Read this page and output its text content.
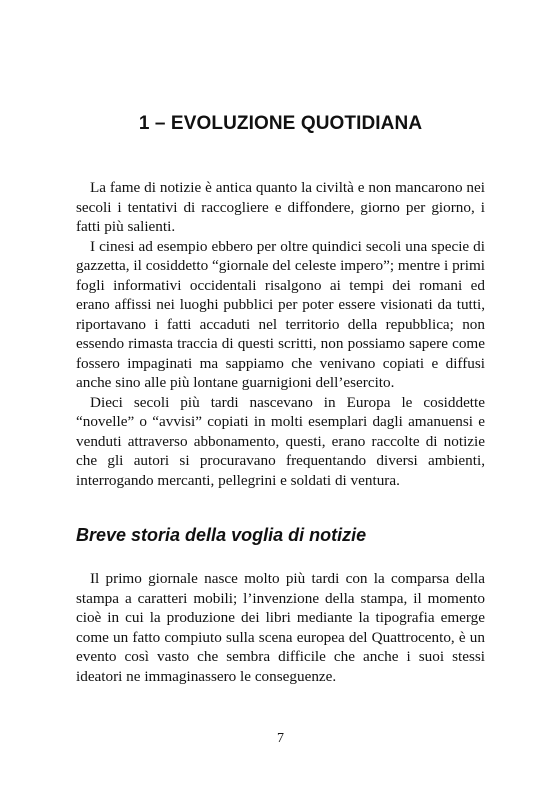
1 – EVOLUZIONE QUOTIDIANA

La fame di notizie è antica quanto la civiltà e non mancarono nei secoli i tentativi di raccogliere e diffondere, giorno per giorno, i fatti più salienti.

I cinesi ad esempio ebbero per oltre quindici secoli una specie di gazzetta, il cosiddetto “giornale del celeste impero”; mentre i primi fogli informativi occidentali risalgono ai tempi dei romani ed erano affissi nei luoghi pubblici per poter essere visionati da tutti, riportavano i fatti accaduti nel territorio della repubblica; non essendo rimasta traccia di questi scritti, non possiamo sapere come fossero impaginati ma sappiamo che venivano copiati e diffusi anche sino alle più lontane guarnigioni dell’esercito.

Dieci secoli più tardi nascevano in Europa le cosiddette “novelle” o “avvisi” copiati in molti esemplari dagli amanuensi e venduti attraverso abbonamento, questi, erano raccolte di notizie che gli autori si procuravano frequentando diversi ambienti, interrogando mercanti, pellegrini e soldati di ventura.

Breve storia della voglia di notizie

Il primo giornale nasce molto più tardi con la comparsa della stampa a caratteri mobili; l’invenzione della stampa, il momento cioè in cui la produzione dei libri mediante la tipografia emerge come un fatto compiuto sulla scena europea del Quattrocento, è un evento così vasto che sembra difficile che anche i suoi stessi ideatori ne immaginassero le conseguenze.

7
